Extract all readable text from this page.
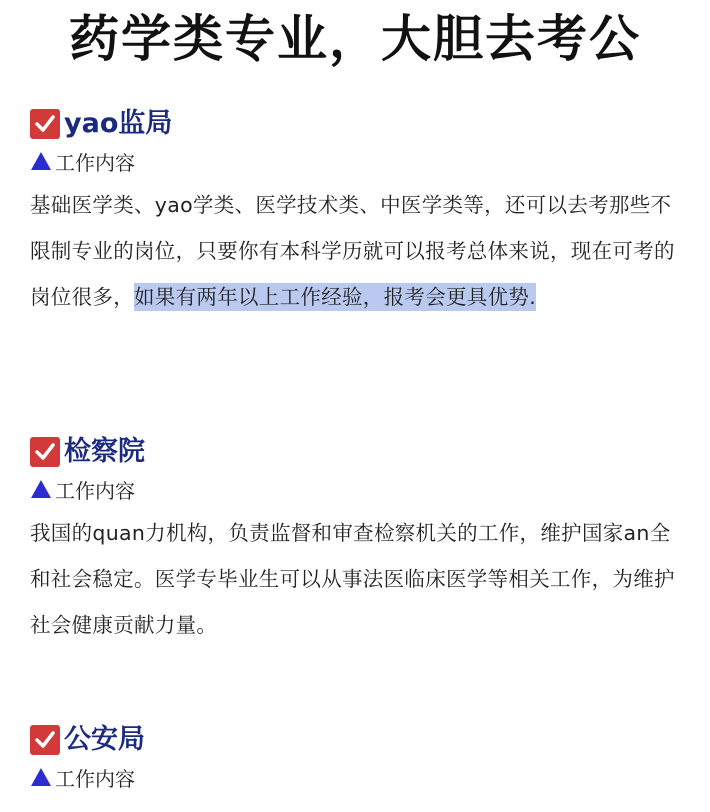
药学类专业，大胆去考公
yao监局
工作内容
基础医学类、yao学类、医学技术类、中医学类等，还可以去考那些不限制专业的岗位，只要你有本科学历就可以报考总体来说，现在可考的岗位很多，如果有两年以上工作经验，报考会更具优势.
检察院
工作内容
我国的quan力机构，负责监督和审查检察机关的工作，维护国家an全和社会稳定。医学专毕业生可以从事法医临床医学等相关工作，为维护社会健康贡献力量。
公安局
工作内容
